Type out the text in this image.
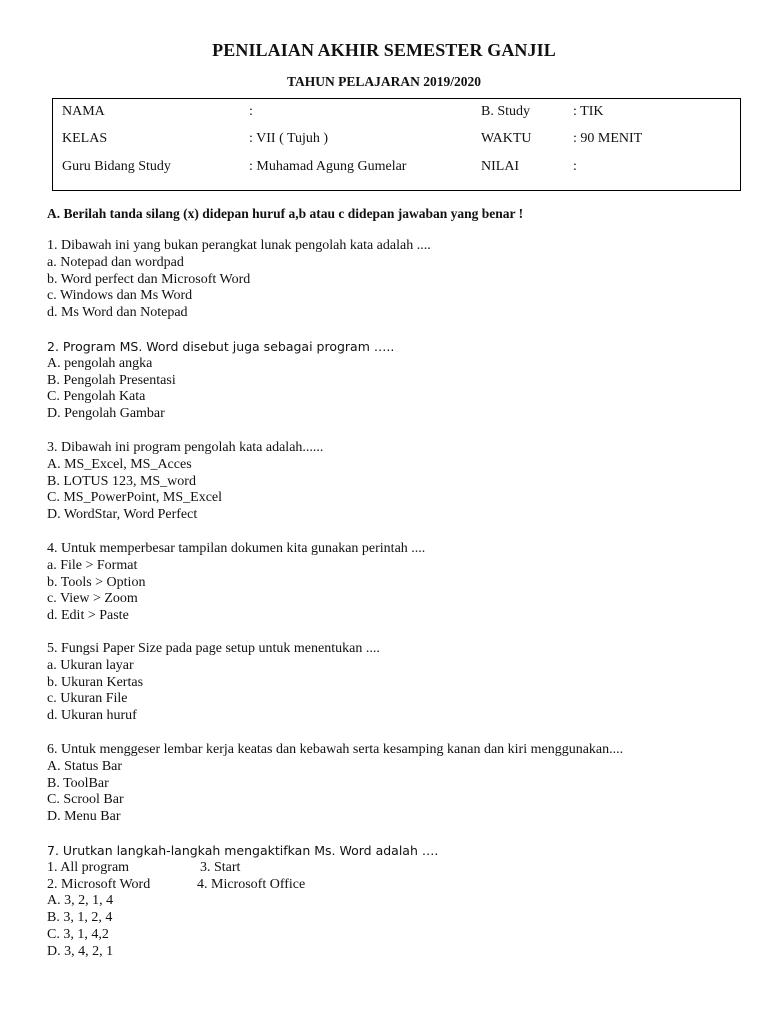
PENILAIAN AKHIR SEMESTER GANJIL
TAHUN PELAJARAN 2019/2020
NAMA	:	B. Study	: TIK
KELAS	: VII ( Tujuh )	WAKTU	: 90 MENIT
Guru Bidang Study	: Muhamad Agung Gumelar	NILAI	:
A. Berilah tanda silang (x) didepan huruf a,b atau c didepan jawaban yang benar !
1. Dibawah ini yang bukan perangkat lunak pengolah kata adalah ....
a. Notepad dan wordpad
b. Word perfect dan Microsoft Word
c. Windows dan Ms Word
d. Ms Word dan Notepad
2. Program MS. Word disebut juga sebagai program …..
A. pengolah angka
B. Pengolah Presentasi
C. Pengolah Kata
D. Pengolah Gambar
3. Dibawah ini program pengolah kata adalah......
A. MS_Excel, MS_Acces
B. LOTUS 123, MS_word
C. MS_PowerPoint, MS_Excel
D. WordStar, Word Perfect
4. Untuk memperbesar tampilan dokumen kita gunakan perintah ....
a. File > Format
b. Tools > Option
c. View > Zoom
d. Edit > Paste
5. Fungsi Paper Size pada page setup untuk menentukan ....
a. Ukuran layar
b. Ukuran Kertas
c. Ukuran File
d. Ukuran huruf
6. Untuk menggeser lembar kerja keatas dan kebawah serta kesamping kanan dan kiri menggunakan....
A. Status Bar
B. ToolBar
C. Scrool Bar
D. Menu Bar
7. Urutkan langkah-langkah mengaktifkan Ms. Word adalah ….
1. All program	3. Start
2. Microsoft Word	4. Microsoft Office
A. 3, 2, 1, 4
B. 3, 1, 2, 4
C. 3, 1, 4,2
D. 3, 4, 2, 1
